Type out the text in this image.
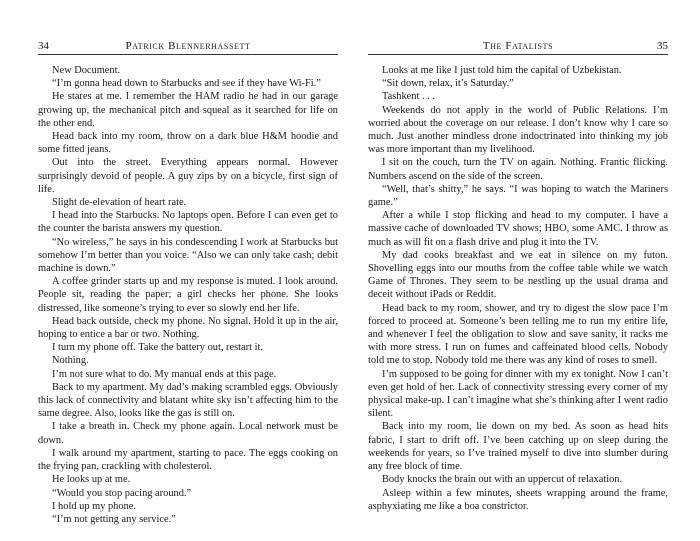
34	Patrick Blennerhassett

New Document.

“I’m gonna head down to Starbucks and see if they have Wi-Fi.”

He stares at me. I remember the HAM radio he had in our garage growing up, the mechanical pitch and squeal as it searched for life on the other end.

Head back into my room, throw on a dark blue H&M hoodie and some fitted jeans.

Out into the street. Everything appears normal. However surprisingly devoid of people. A guy zips by on a bicycle, first sign of life.

Slight de-elevation of heart rate.

I head into the Starbucks. No laptops open. Before I can even get to the counter the barista answers my question.

“No wireless,” he says in his condescending I work at Starbucks but somehow I’m better than you voice. “Also we can only take cash; debit machine is down.”

A coffee grinder starts up and my response is muted. I look around. People sit, reading the paper; a girl checks her phone. She looks distressed, like someone’s trying to ever so slowly end her life.

Head back outside, check my phone. No signal. Hold it up in the air, hoping to entice a bar or two. Nothing.

I turn my phone off. Take the battery out, restart it.

Nothing.

I’m not sure what to do. My manual ends at this page.

Back to my apartment. My dad’s making scrambled eggs. Obviously this lack of connectivity and blatant white sky isn’t affecting him to the same degree. Also, looks like the gas is still on.

I take a breath in. Check my phone again. Local network must be down.

I walk around my apartment, starting to pace. The eggs cooking on the frying pan, crackling with cholesterol.

He looks up at me.

“Would you stop pacing around.”

I hold up my phone.

“I’m not getting any service.”

The Fatalists	35

Looks at me like I just told him the capital of Uzbekistan.

“Sit down, relax, it’s Saturday.”

Tashkent . . .

Weekends do not apply in the world of Public Relations. I’m worried about the coverage on our release. I don’t know why I care so much. Just another mindless drone indoctrinated into thinking my job was more important than my livelihood.

I sit on the couch, turn the TV on again. Nothing. Frantic flicking. Numbers ascend on the side of the screen.

“Well, that’s shitty,” he says. “I was hoping to watch the Mariners game.”

After a while I stop flicking and head to my computer. I have a massive cache of downloaded TV shows; HBO, some AMC. I throw as much as will fit on a flash drive and plug it into the TV.

My dad cooks breakfast and we eat in silence on my futon. Shovelling eggs into our mouths from the coffee table while we watch Game of Thrones. They seem to be nestling up the usual drama and deceit without iPads or Reddit.

Head back to my room, shower, and try to digest the slow pace I’m forced to proceed at. Someone’s been telling me to run my entire life, and whenever I feel the obligation to slow and save sanity, it racks me with more stress. I run on fumes and caffeinated blood cells. Nobody told me to stop. Nobody told me there was any kind of roses to smell.

I’m supposed to be going for dinner with my ex tonight. Now I can’t even get hold of her. Lack of connectivity stressing every corner of my physical make-up. I can’t imagine what she’s thinking after I went radio silent.

Back into my room, lie down on my bed. As soon as head hits fabric, I start to drift off. I’ve been catching up on sleep during the weekends for years, so I’ve trained myself to dive into slumber during any free block of time.

Body knocks the brain out with an uppercut of relaxation.

Asleep within a few minutes, sheets wrapping around the frame, asphyxiating me like a boa constrictor.
